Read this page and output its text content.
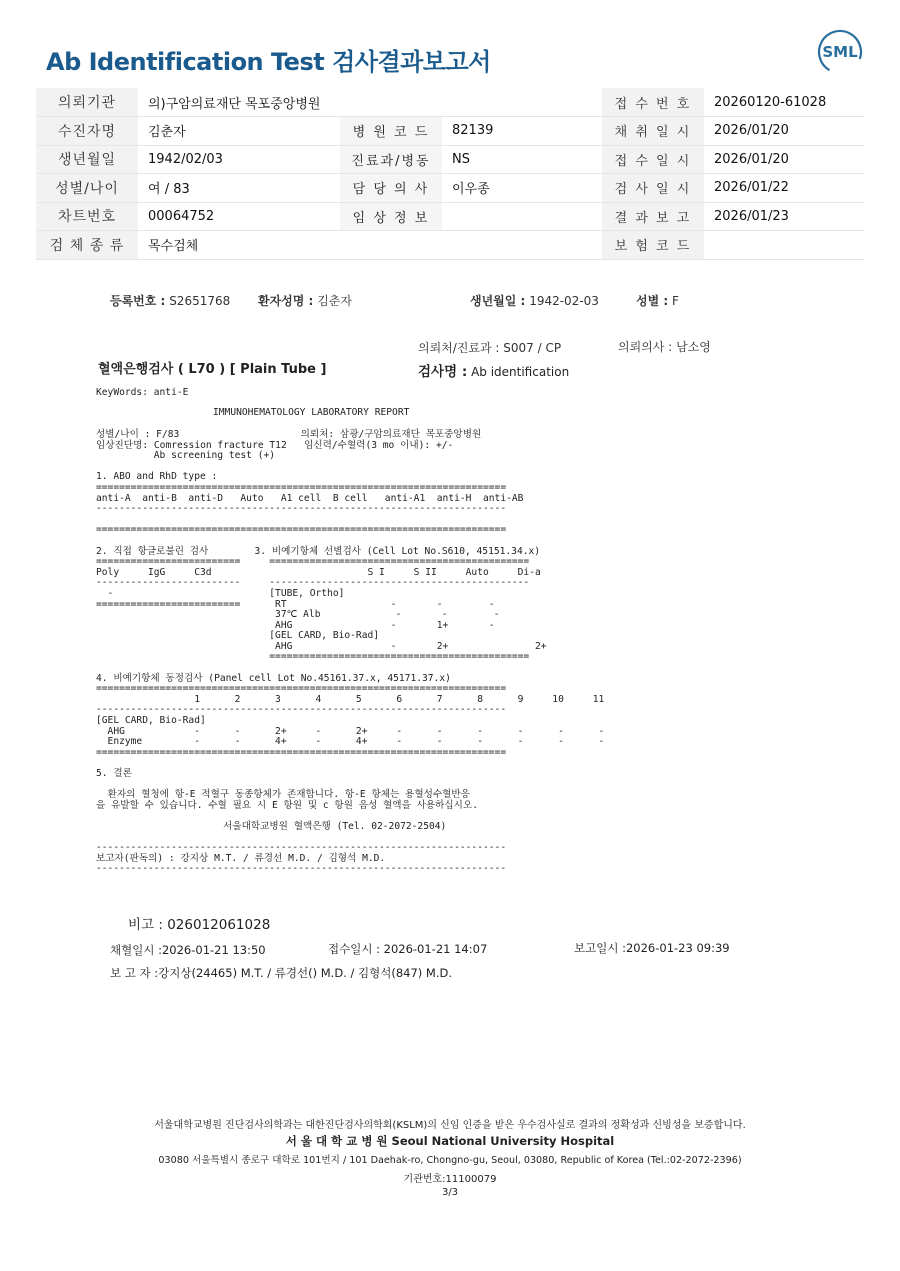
Ab Identification Test 검사결과보고서	SML
의뢰기관	의)구암의료재단 목포중앙병원			접 수 번 호	20260120-61028
수진자명	김춘자	병 원 코 드	82139	채 취 일 시	2026/01/20
생년월일	1942/02/03	진료과/병동	NS	접 수 일 시	2026/01/20
성별/나이	여 / 83	담 당 의 사	이우종	검 사 일 시	2026/01/22
차트번호	00064752	임 상 정 보		결 과 보 고	2026/01/23
검 체 종 류	목수검체			보 험 코 드	
등록번호 : S2651768 환자성명 : 김춘자	생년월일 : 1942-02-03	성별 : F
의뢰처/진료과 : S007 / CP	의뢰의사 : 남소영
혈액은행검사 ( L70 ) [ Plain Tube ]	검사명 : Ab identification
KeyWords: anti-E
IMMUNOHEMATOLOGY LABORATORY REPORT
성별/나이 : F/83                     의뢰처: 삼광/구암의료재단 목포중앙병원
임상진단명: Comression fracture T12   임신력/수혈력(3 mo 이내): +/-
Ab screening test (+)
1. ABO and RhD type :
=======================================================================
anti-A  anti-B  anti-D   Auto   A1 cell  B cell   anti-A1  anti-H  anti-AB
-----------------------------------------------------------------------
=======================================================================
2. 직접 항글로불린 검사        3. 비예기항체 선별검사 (Cell Lot No.S610, 45151.34.x)
=========================     =============================================
Poly     IgG     C3d                           S I     S II     Auto     Di-a
-------------------------     ---------------------------------------------
-                           [TUBE, Ortho]
=========================      RT                  -       -        -
37℃ Alb             -       -        -
AHG                 -       1+       -
[GEL CARD, Bio-Rad]
AHG                 -       2+               2+
=============================================
4. 비예기항체 동정검사 (Panel cell Lot No.45161.37.x, 45171.37.x)
=======================================================================
1      2      3      4      5      6      7      8      9     10     11
-----------------------------------------------------------------------
[GEL CARD, Bio-Rad]
AHG            -      -      2+     -      2+     -      -      -      -      -      -
Enzyme         -      -      4+     -      4+     -      -      -      -      -      -
=======================================================================
5. 결론
환자의 혈청에 항-E 적혈구 동종항체가 존재합니다. 항-E 항체는 용혈성수혈반응
을 유발할 수 있습니다. 수혈 필요 시 E 항원 및 c 항원 음성 혈액을 사용하십시오.
서울대학교병원 혈액은행 (Tel. 02-2072-2504)
-----------------------------------------------------------------------
보고자(판독의) : 강지상 M.T. / 류경선 M.D. / 김형석 M.D.
-----------------------------------------------------------------------
비고 : 026012061028
채혈일시 :2026-01-21 13:50	접수일시 : 2026-01-21 14:07	보고일시 :2026-01-23 09:39
보 고 자 :강지상(24465) M.T. / 류경선() M.D. / 김형석(847) M.D.
서울대학교병원 진단검사의학과는 대한진단검사의학회(KSLM)의 신임 인증을 받은 우수검사실로 결과의 정확성과 신빙성을 보증합니다.
서 울 대 학 교 병 원 Seoul National University Hospital
03080 서울특별시 종로구 대학로 101번지 / 101 Daehak-ro, Chongno-gu, Seoul, 03080, Republic of Korea (Tel.:02-2072-2396)
기관번호:11100079
3/3
